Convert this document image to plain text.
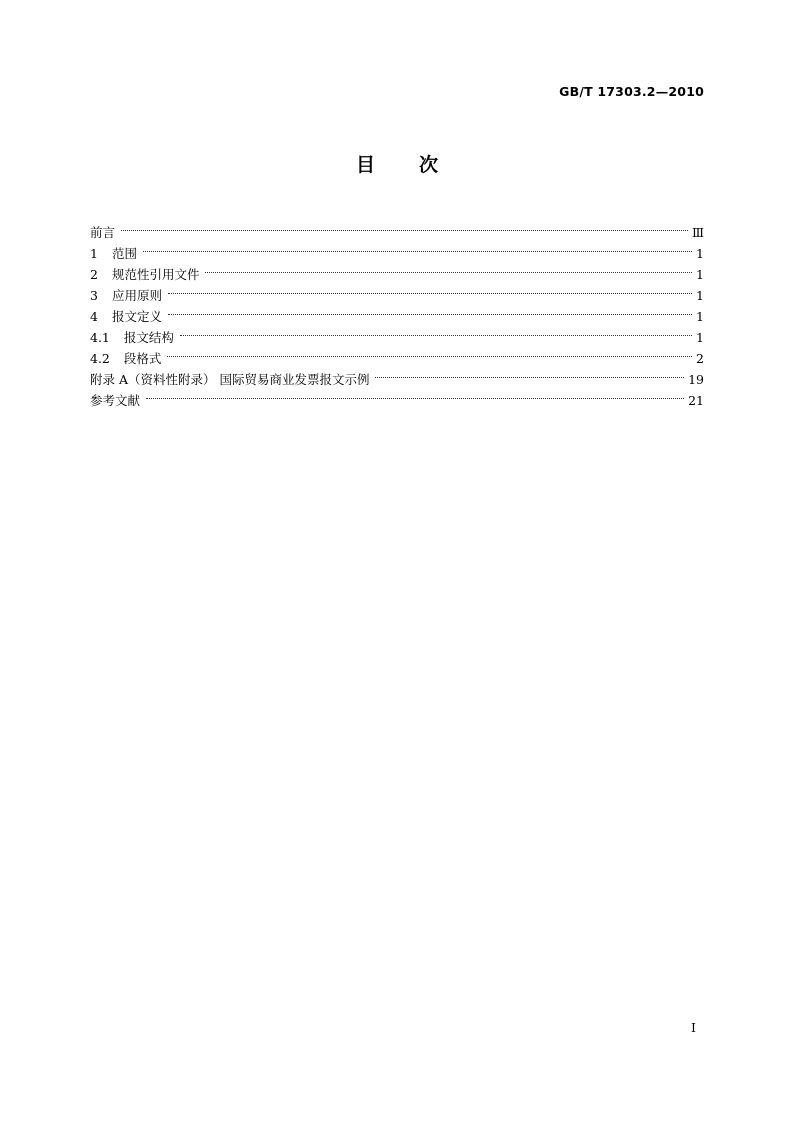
GB/T 17303.2—2010
目 次
前言	Ⅲ
1 范围	1
2 规范性引用文件	1
3 应用原则	1
4 报文定义	1
4.1 报文结构	1
4.2 段格式	2
附录 A（资料性附录） 国际贸易商业发票报文示例	19
参考文献	21
I
